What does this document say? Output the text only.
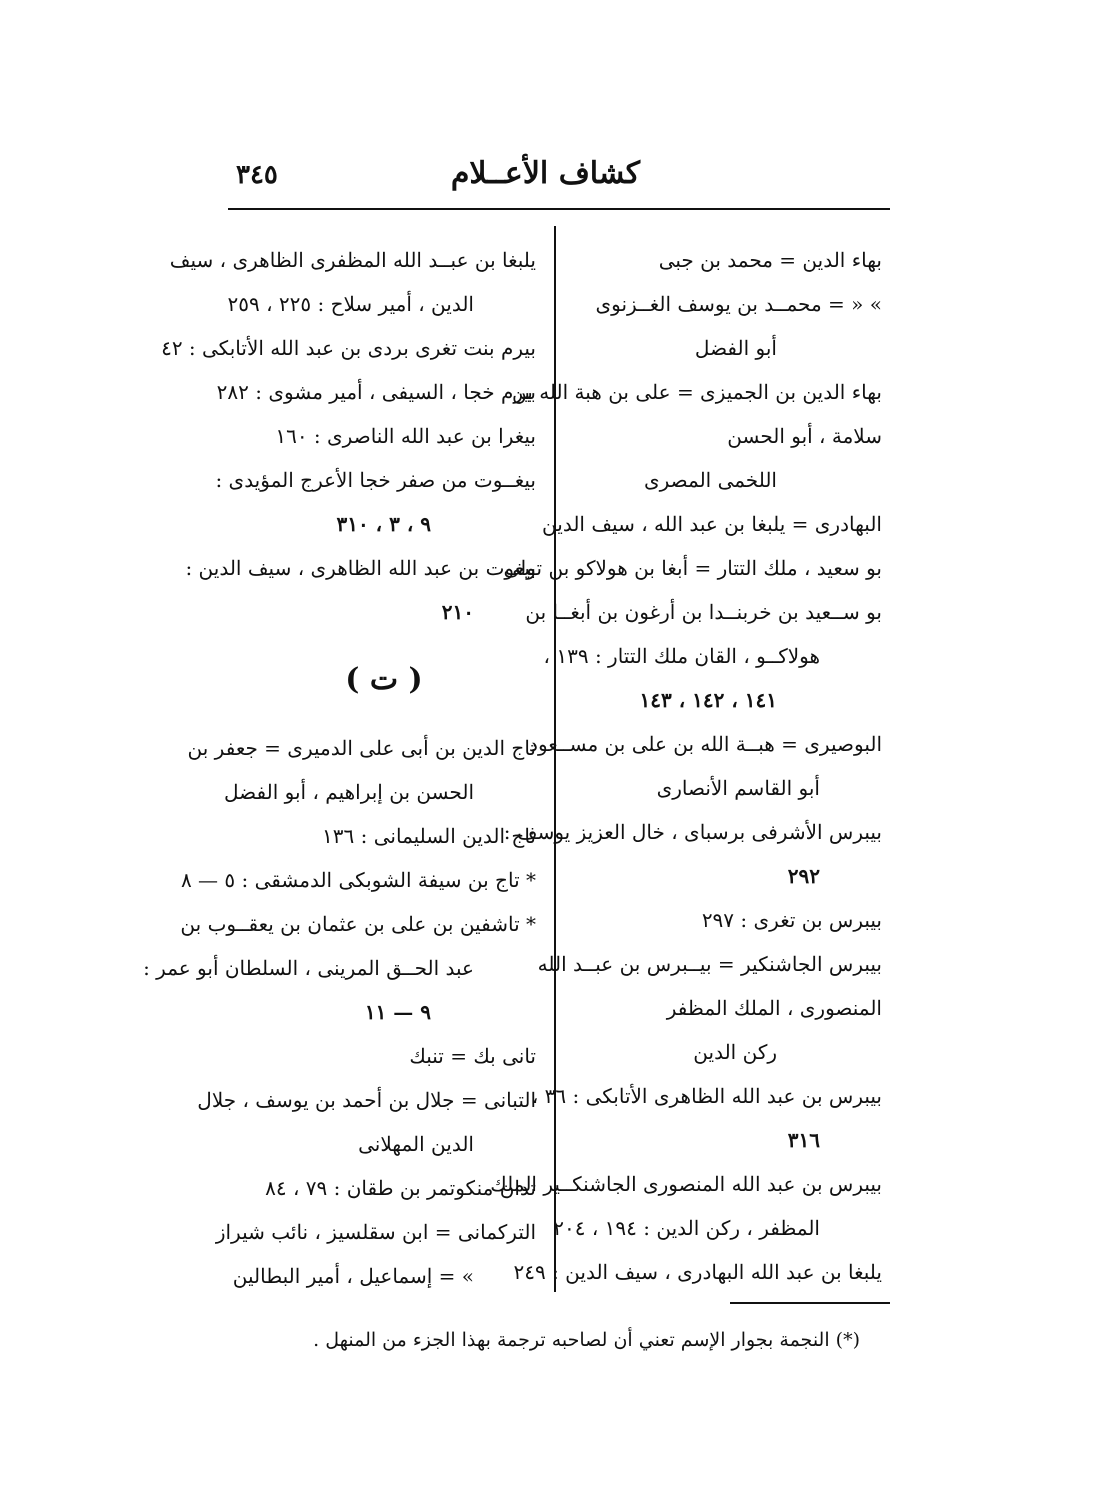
كشاف الأعــلام
٣٤٥
بهاء الدين = محمد بن جبى
» « = محمــد بن يوسف الغــزنوى
أبو الفضل
بهاء الدين بن الجميزى = على بن هبة الله بن
سلامة ، أبو الحسن
اللخمى المصرى
البهادرى = يلبغا بن عبد الله ، سيف الدين
بو سعيد ، ملك التتار = أبغا بن هولاكو بن تولى
بو ســعيد بن خربنــدا بن أرغون بن أبغــا بن
هولاكــو ، القان ملك التتار : ١٣٩ ،
١٤١ ، ١٤٢ ، ١٤٣
البوصيرى = هبــة الله بن على بن مســعود
أبو القاسم الأنصارى
بيبرس الأشرفى برسباى ، خال العزيز يوسف :
٢٩٢
بيبرس بن تغرى : ٢٩٧
بيبرس الجاشنكير = بيــبرس بن عبــد الله
المنصورى ، الملك المظفر
ركن الدين
بيبرس بن عبد الله الظاهرى الأتابكى : ٣٦ ،
٣١٦
بيبرس بن عبد الله المنصورى الجاشنكــير الملك
المظفر ، ركن الدين : ١٩٤ ، ٢٠٤
يلبغا بن عبد الله البهادرى ، سيف الدين : ٢٤٩
يلبغا بن عبــد الله المظفرى الظاهرى ، سيف
الدين ، أمير سلاح : ٢٢٥ ، ٢٥٩
بيرم بنت تغرى بردى بن عبد الله الأتابكى : ٤٢
بيرم خجا ، السيفى ، أمير مشوى : ٢٨٢
بيغرا بن عبد الله الناصرى : ١٦٠
بيغــوت من صفر خجا الأعرج المؤيدى :
٩ ، ٣ ، ٣١٠
بيغوت بن عبد الله الظاهرى ، سيف الدين :
٢١٠
( ت )
تاج الدين بن أبى على الدميرى = جعفر بن
الحسن بن إبراهيم ، أبو الفضل
تاج الدين السليمانى : ١٣٦
* تاج بن سيفة الشوبكى الدمشقى : ٥ — ٨
* تاشفين بن على بن عثمان بن يعقــوب بن
عبد الحــق المرينى ، السلطان أبو عمر :
٩ — ١١
تانى بك = تنبك
التبانى = جلال بن أحمد بن يوسف ، جلال
الدين المهلانى
تدان منكوتمر بن طقان : ٧٩ ، ٨٤
التركمانى = ابن سقلسيز ، نائب شيراز
» = إسماعيل ، أمير البطالين
(*) النجمة بجوار الإسم تعني أن لصاحبه ترجمة بهذا الجزء من المنهل .
